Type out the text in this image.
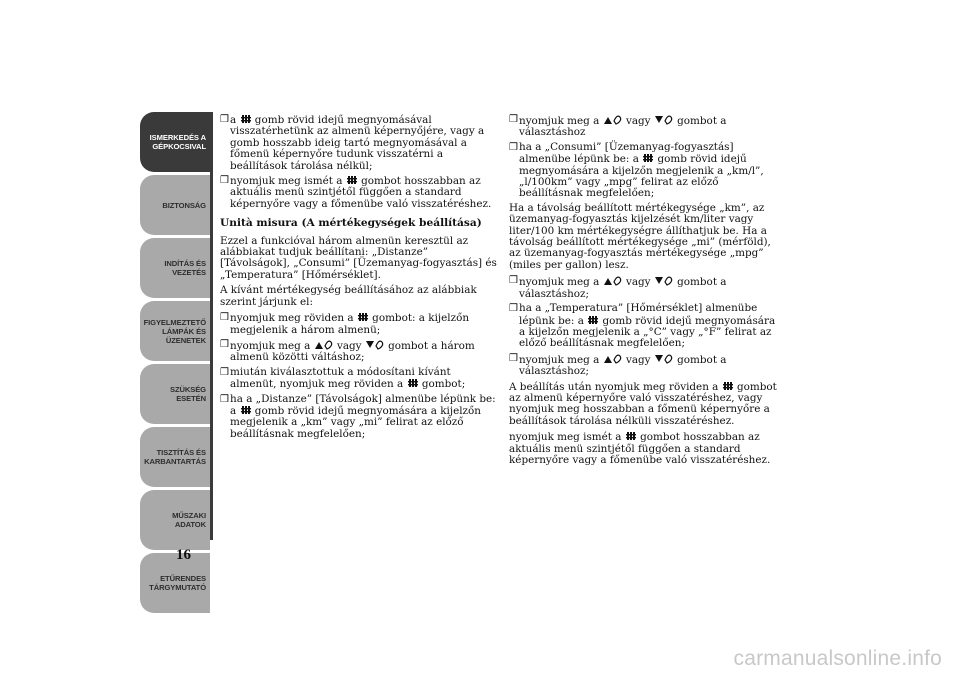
ISMERKEDÉS A
GÉPKOCSIVAL
BIZTONSÁG
INDÍTÁS ÉS
VEZETÉS
FIGYELMEZTETŐ
LÁMPÁK ÉS
ÜZENETEK
SZÜKSÉG ESETÉN
TISZTÍTÁS ÉS
KARBANTARTÁS
MŰSZAKI ADATOK
ETŰRENDES
TÁRGYMUTATÓ
16
❒ a  gomb rövid idejű megnyomásával visszatérhetünk az almenü képernyőjére, vagy a gomb hosszabb ideig tartó megnyomásával a főmenü képernyőre tudunk visszatérni a beállítások tárolása nélkül;
❒ nyomjuk meg ismét a  gombot hosszabban az aktuális menü szintjétől függően a standard képernyőre vagy a főmenübe való visszatéréshez.
Unità misura (A mértékegységek beállítása)

Ezzel a funkcióval három almenün keresztül az alábbiakat tudjuk beállítani: „Distanze” [Távolságok], „Consumi” [Üzemanyag-fogyasztás] és „Temperatura” [Hőmérséklet].

A kívánt mértékegység beállításához az alábbiak szerint járjunk el:

❒ nyomjuk meg röviden a  gombot: a kijelzőn megjelenik a három almenü;
❒ nyomjuk meg a  vagy  gombot a három almenü közötti váltáshoz;
❒ miután kiválasztottuk a módosítani kívánt almenüt, nyomjuk meg röviden a  gombot;
❒ ha a „Distanze” [Távolságok] almenübe lépünk be: a  gomb rövid idejű megnyomására a kijelzőn megjelenik a „km” vagy „mi” felirat az előző beállításnak megfelelően;
❒ nyomjuk meg a  vagy  gombot a választáshoz
❒ ha a „Consumi” [Üzemanyag-fogyasztás] almenübe lépünk be: a  gomb rövid idejű megnyomására a kijelzőn megjelenik a „km/l”, „l/100km” vagy „mpg” felirat az előző beállításnak megfelelően;

Ha a távolság beállított mértékegysége „km”, az üzemanyag-fogyasztás kijelzését km/liter vagy liter/100 km mértékegységre állíthatjuk be. Ha a távolság beállított mértékegysége „mi” (mérföld), az üzemanyag-fogyasztás mértékegysége „mpg” (miles per gallon) lesz.

❒ nyomjuk meg a  vagy  gombot a választáshoz;
❒ ha a „Temperatura” [Hőmérséklet] almenübe lépünk be: a  gomb rövid idejű megnyomására a kijelzőn megjelenik a „°C” vagy „°F” felirat az előző beállításnak megfelelően;
❒ nyomjuk meg a  vagy  gombot a választáshoz;

A beállítás után nyomjuk meg röviden a  gombot az almenü képernyőre való visszatéréshez, vagy nyomjuk meg hosszabban a főmenü képernyőre a beállítások tárolása nélküli visszatéréshez.

nyomjuk meg ismét a  gombot hosszabban az aktuális menü szintjétől függően a standard képernyőre vagy a főmenübe való visszatéréshez.

carmanualsonline.info
